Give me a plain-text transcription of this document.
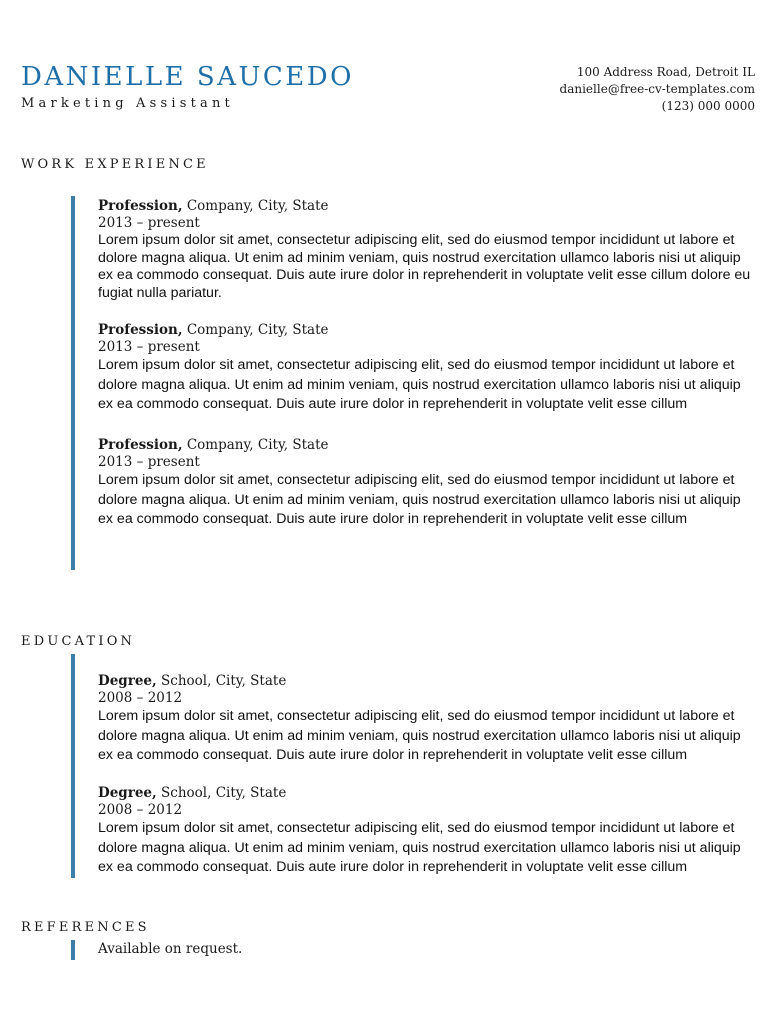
DANIELLE SAUCEDO
Marketing Assistant
100 Address Road, Detroit IL
danielle@free-cv-templates.com
(123) 000 0000
WORK EXPERIENCE
Profession, Company, City, State
2013 – present

Lorem ipsum dolor sit amet, consectetur adipiscing elit, sed do eiusmod tempor incididunt ut labore et dolore magna aliqua. Ut enim ad minim veniam, quis nostrud exercitation ullamco laboris nisi ut aliquip ex ea commodo consequat. Duis aute irure dolor in reprehenderit in voluptate velit esse cillum dolore eu fugiat nulla pariatur.

Profession, Company, City, State
2013 – present

Lorem ipsum dolor sit amet, consectetur adipiscing elit, sed do eiusmod tempor incididunt ut labore et dolore magna aliqua. Ut enim ad minim veniam, quis nostrud exercitation ullamco laboris nisi ut aliquip ex ea commodo consequat. Duis aute irure dolor in reprehenderit in voluptate velit esse cillum

Profession, Company, City, State
2013 – present

Lorem ipsum dolor sit amet, consectetur adipiscing elit, sed do eiusmod tempor incididunt ut labore et dolore magna aliqua. Ut enim ad minim veniam, quis nostrud exercitation ullamco laboris nisi ut aliquip ex ea commodo consequat. Duis aute irure dolor in reprehenderit in voluptate velit esse cillum

EDUCATION
Degree, School, City, State
2008 – 2012

Lorem ipsum dolor sit amet, consectetur adipiscing elit, sed do eiusmod tempor incididunt ut labore et dolore magna aliqua. Ut enim ad minim veniam, quis nostrud exercitation ullamco laboris nisi ut aliquip ex ea commodo consequat. Duis aute irure dolor in reprehenderit in voluptate velit esse cillum

Degree, School, City, State
2008 – 2012

Lorem ipsum dolor sit amet, consectetur adipiscing elit, sed do eiusmod tempor incididunt ut labore et dolore magna aliqua. Ut enim ad minim veniam, quis nostrud exercitation ullamco laboris nisi ut aliquip ex ea commodo consequat. Duis aute irure dolor in reprehenderit in voluptate velit esse cillum

REFERENCES
Available on request.
